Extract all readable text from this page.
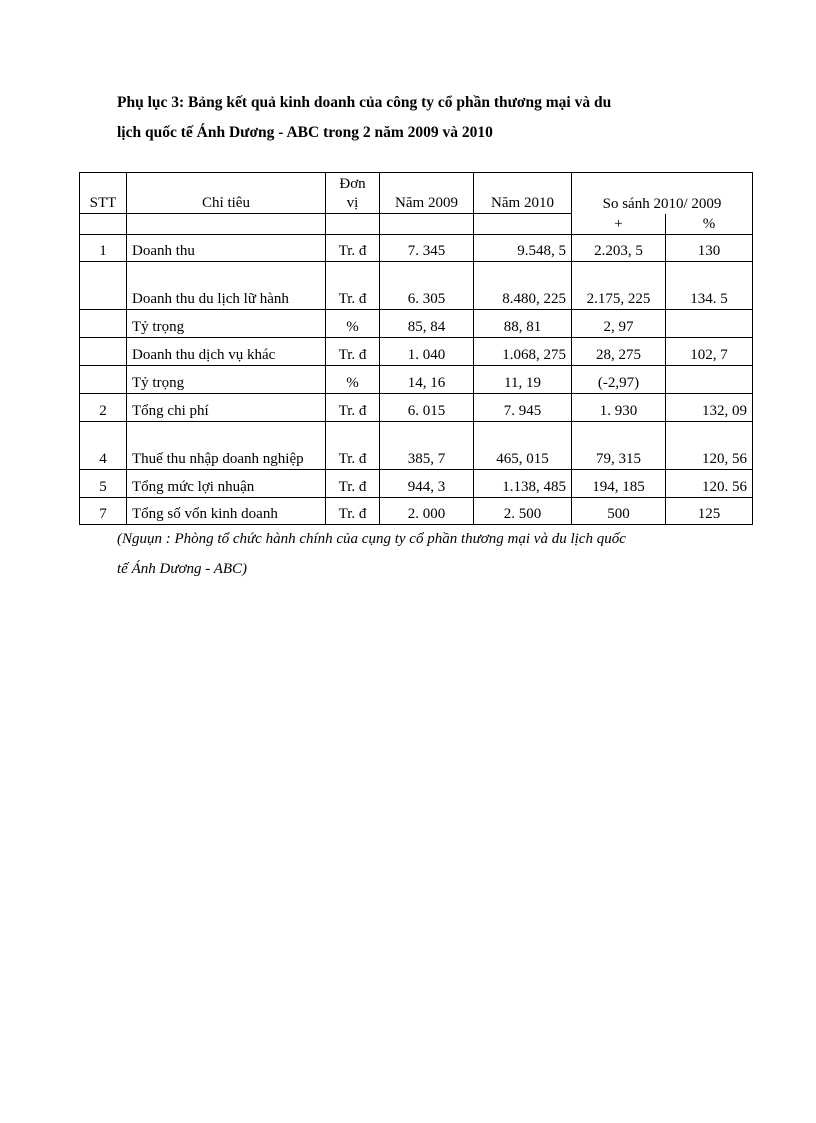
Phụ lục 3: Bảng kết quả kinh doanh của công ty cổ phần thương mại và du
lịch quốc tế Ánh Dương - ABC trong 2 năm 2009 và 2010
STT	Chỉ tiêu	Đơn
vị	Năm 2009	Năm 2010	So sánh 2010/ 2009	
					+	%
1	Doanh thu	Tr. đ	7. 345	9.548, 5	2.203, 5	130
	Doanh thu du lịch lữ hành	Tr. đ	6. 305	8.480, 225	2.175, 225	134. 5
	Tỷ trọng	%	85, 84	88, 81	2, 97	
	Doanh thu dịch vụ khác	Tr. đ	1. 040	1.068, 275	28, 275	102, 7
	Tỷ trọng	%	14, 16	11, 19	(-2,97)	
2	Tổng chi phí	Tr. đ	6. 015	7. 945	1. 930	132, 09
4	Thuế thu nhập doanh nghiệp	Tr. đ	385, 7	465, 015	79, 315	120, 56
5	Tổng mức lợi nhuận	Tr. đ	944, 3	1.138, 485	194, 185	120. 56
7	Tổng số vốn kinh doanh	Tr. đ	2. 000	2. 500	500	125
(Nguụn : Phòng tổ chức hành chính của cụng ty cổ phần thương mại và du lịch quốc
tế Ánh Dương - ABC)
